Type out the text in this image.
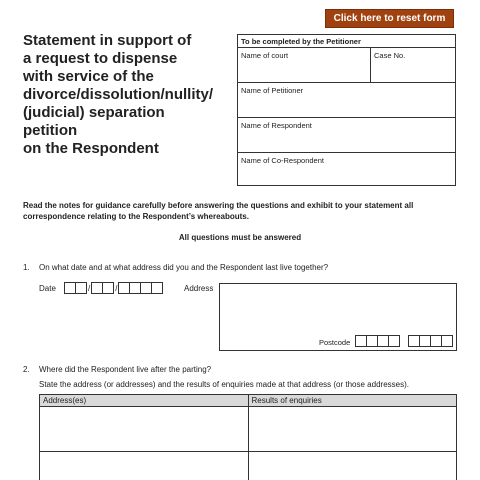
Click here to reset form
Statement in support of
a request to dispense
with service of the
divorce/dissolution/nullity/
(judicial) separation petition
on the Respondent
To be completed by the Petitioner
Name of court	Case No.
Name of Petitioner
Name of Respondent
Name of Co-Respondent
Read the notes for guidance carefully before answering the questions and exhibit to your statement all correspondence relating to the Respondent’s whereabouts.
All questions must be answered
1. On what date and at what address did you and the Respondent last live together?
Date	/	/	Address
Postcode
2. Where did the Respondent live after the parting?
State the address (or addresses) and the results of enquiries made at that address (or those addresses).
Address(es)	Results of enquiries
